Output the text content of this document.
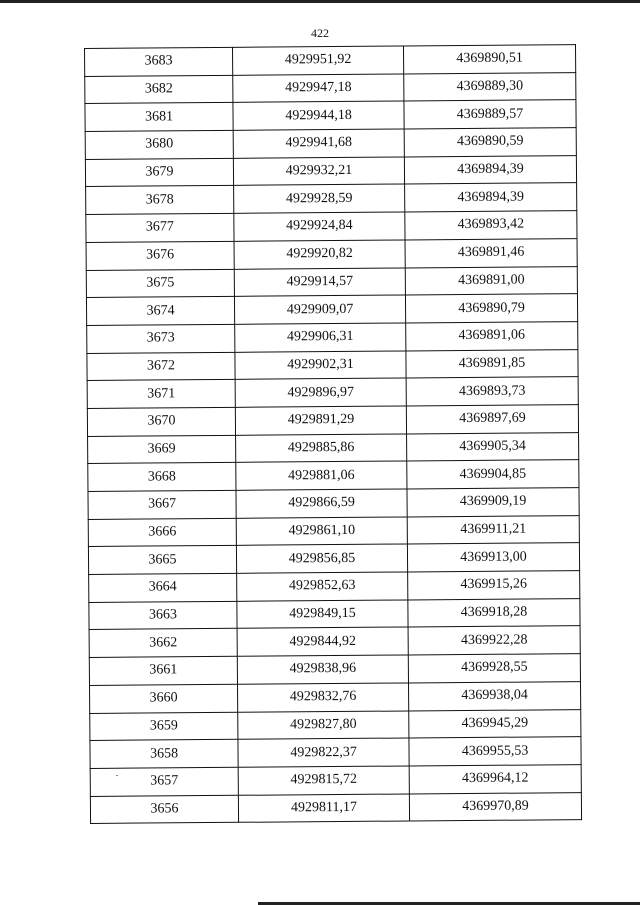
422
3683	4929951,92	4369890,51
3682	4929947,18	4369889,30
3681	4929944,18	4369889,57
3680	4929941,68	4369890,59
3679	4929932,21	4369894,39
3678	4929928,59	4369894,39
3677	4929924,84	4369893,42
3676	4929920,82	4369891,46
3675	4929914,57	4369891,00
3674	4929909,07	4369890,79
3673	4929906,31	4369891,06
3672	4929902,31	4369891,85
3671	4929896,97	4369893,73
3670	4929891,29	4369897,69
3669	4929885,86	4369905,34
3668	4929881,06	4369904,85
3667	4929866,59	4369909,19
3666	4929861,10	4369911,21
3665	4929856,85	4369913,00
3664	4929852,63	4369915,26
3663	4929849,15	4369918,28
3662	4929844,92	4369922,28
3661	4929838,96	4369928,55
3660	4929832,76	4369938,04
3659	4929827,80	4369945,29
3658	4929822,37	4369955,53
3657	4929815,72	4369964,12
3656	4929811,17	4369970,89
